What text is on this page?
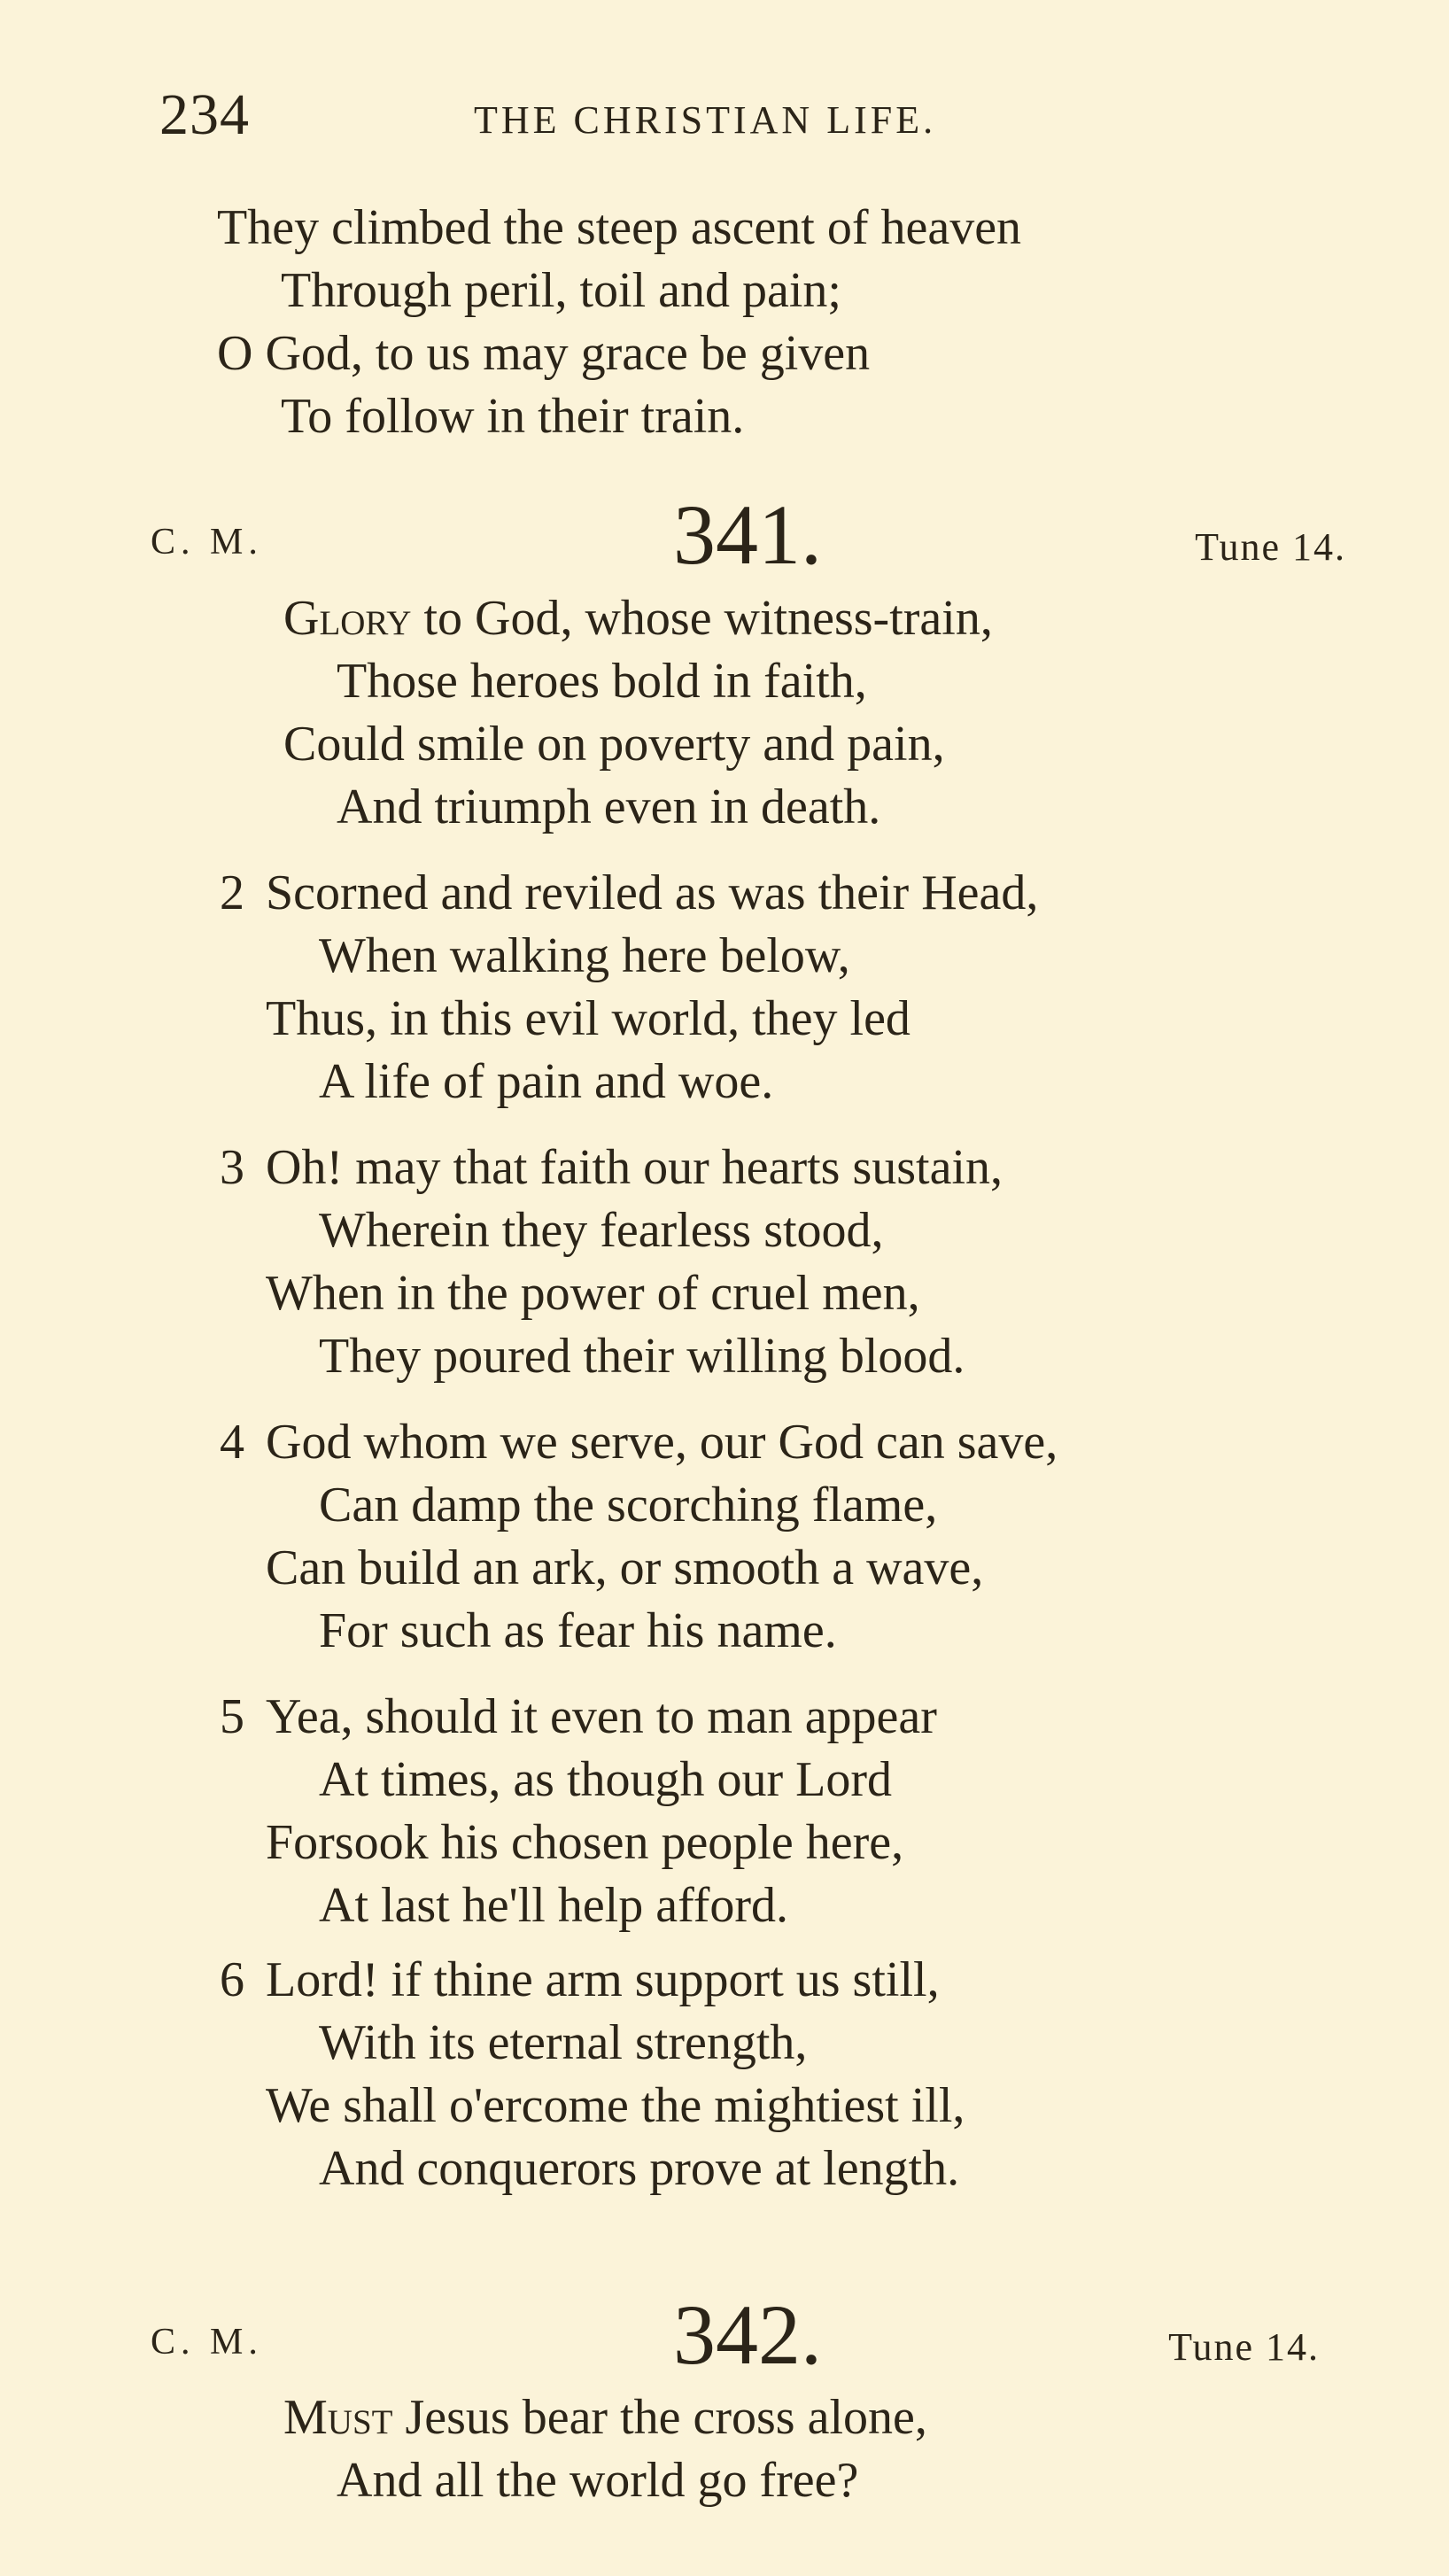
234	THE CHRISTIAN LIFE.
They climbed the steep ascent of heaven
Through peril, toil and pain;
O God, to us may grace be given
To follow in their train.
C. M.	341.	Tune 14.
Glory to God, whose witness-train,
Those heroes bold in faith,
Could smile on poverty and pain,
And triumph even in death.
2 Scorned and reviled as was their Head,
When walking here below,
Thus, in this evil world, they led
A life of pain and woe.
3 Oh! may that faith our hearts sustain,
Wherein they fearless stood,
When in the power of cruel men,
They poured their willing blood.
4 God whom we serve, our God can save,
Can damp the scorching flame,
Can build an ark, or smooth a wave,
For such as fear his name.
5 Yea, should it even to man appear
At times, as though our Lord
Forsook his chosen people here,
At last he'll help afford.
6 Lord! if thine arm support us still,
With its eternal strength,
We shall o'ercome the mightiest ill,
And conquerors prove at length.
C. M.	342.	Tune 14.
Must Jesus bear the cross alone,
And all the world go free?
